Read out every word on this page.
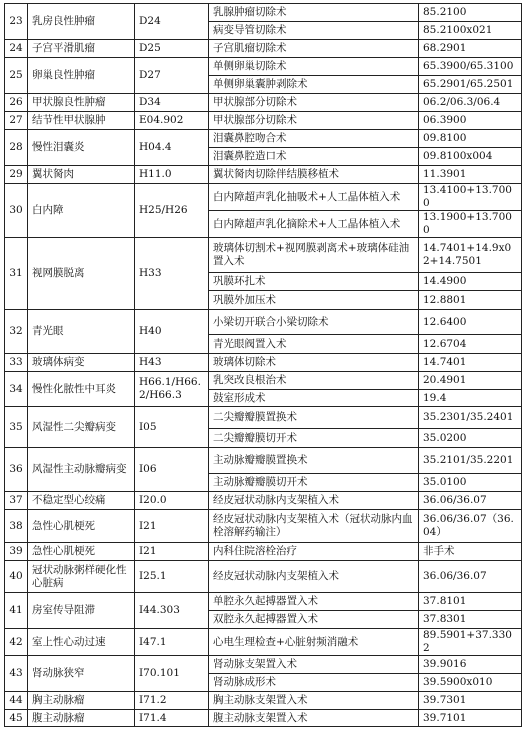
23	乳房良性肿瘤	D24	乳腺肿瘤切除术	85.2100
			病变导管切除术	85.2100x021
24	子宫平滑肌瘤	D25	子宫肌瘤切除术	68.2901
25	卵巢良性肿瘤	D27	单侧卵巢切除术	65.3900/65.3100
			单侧卵巢囊肿剥除术	65.2901/65.2501
26	甲状腺良性肿瘤	D34	甲状腺部分切除术	06.2/06.3/06.4
27	结节性甲状腺肿	E04.902	甲状腺部分切除术	06.3900
28	慢性泪囊炎	H04.4	泪囊鼻腔吻合术	09.8100
			泪囊鼻腔造口术	09.8100x004
29	翼状胬肉	H11.0	翼状胬肉切除伴结膜移植术	11.3901
30	白内障	H25/H26	白内障超声乳化抽吸术+人工晶体植入术	13.4100+13.7000
			白内障超声乳化摘除术+人工晶体植入术	13.1900+13.7000
31	视网膜脱离	H33	玻璃体切割术+视网膜剥离术+玻璃体硅油置入术	14.7401+14.9x02+14.7501
			巩膜环扎术	14.4900
			巩膜外加压术	12.8801
32	青光眼	H40	小梁切开联合小梁切除术	12.6400
			青光眼阀置入术	12.6704
33	玻璃体病变	H43	玻璃体切除术	14.7401
34	慢性化脓性中耳炎	H66.1/H66.2/H66.3	乳突改良根治术	20.4901
			鼓室形成术	19.4
35	风湿性二尖瓣病变	I05	二尖瓣瓣膜置换术	35.2301/35.2401
			二尖瓣瓣膜切开术	35.0200
36	风湿性主动脉瓣病变	I06	主动脉瓣瓣膜置换术	35.2101/35.2201
			主动脉瓣瓣膜切开术	35.0100
37	不稳定型心绞痛	I20.0	经皮冠状动脉内支架植入术	36.06/36.07
38	急性心肌梗死	I21	经皮冠状动脉内支架植入术（冠状动脉内血栓溶解药输注）	36.06/36.07（36.04）
39	急性心肌梗死	I21	内科住院溶栓治疗	非手术
40	冠状动脉粥样硬化性心脏病	I25.1	经皮冠状动脉内支架植入术	36.06/36.07
41	房室传导阻滞	I44.303	单腔永久起搏器置入术	37.8101
			双腔永久起搏器置入术	37.8301
42	室上性心动过速	I47.1	心电生理检查+心脏射频消融术	89.5901+37.3302
43	肾动脉狭窄	I70.101	肾动脉支架置入术	39.9016
			肾动脉成形术	39.5900x010
44	胸主动脉瘤	I71.2	胸主动脉支架置入术	39.7301
45	腹主动脉瘤	I71.4	腹主动脉支架置入术	39.7101
